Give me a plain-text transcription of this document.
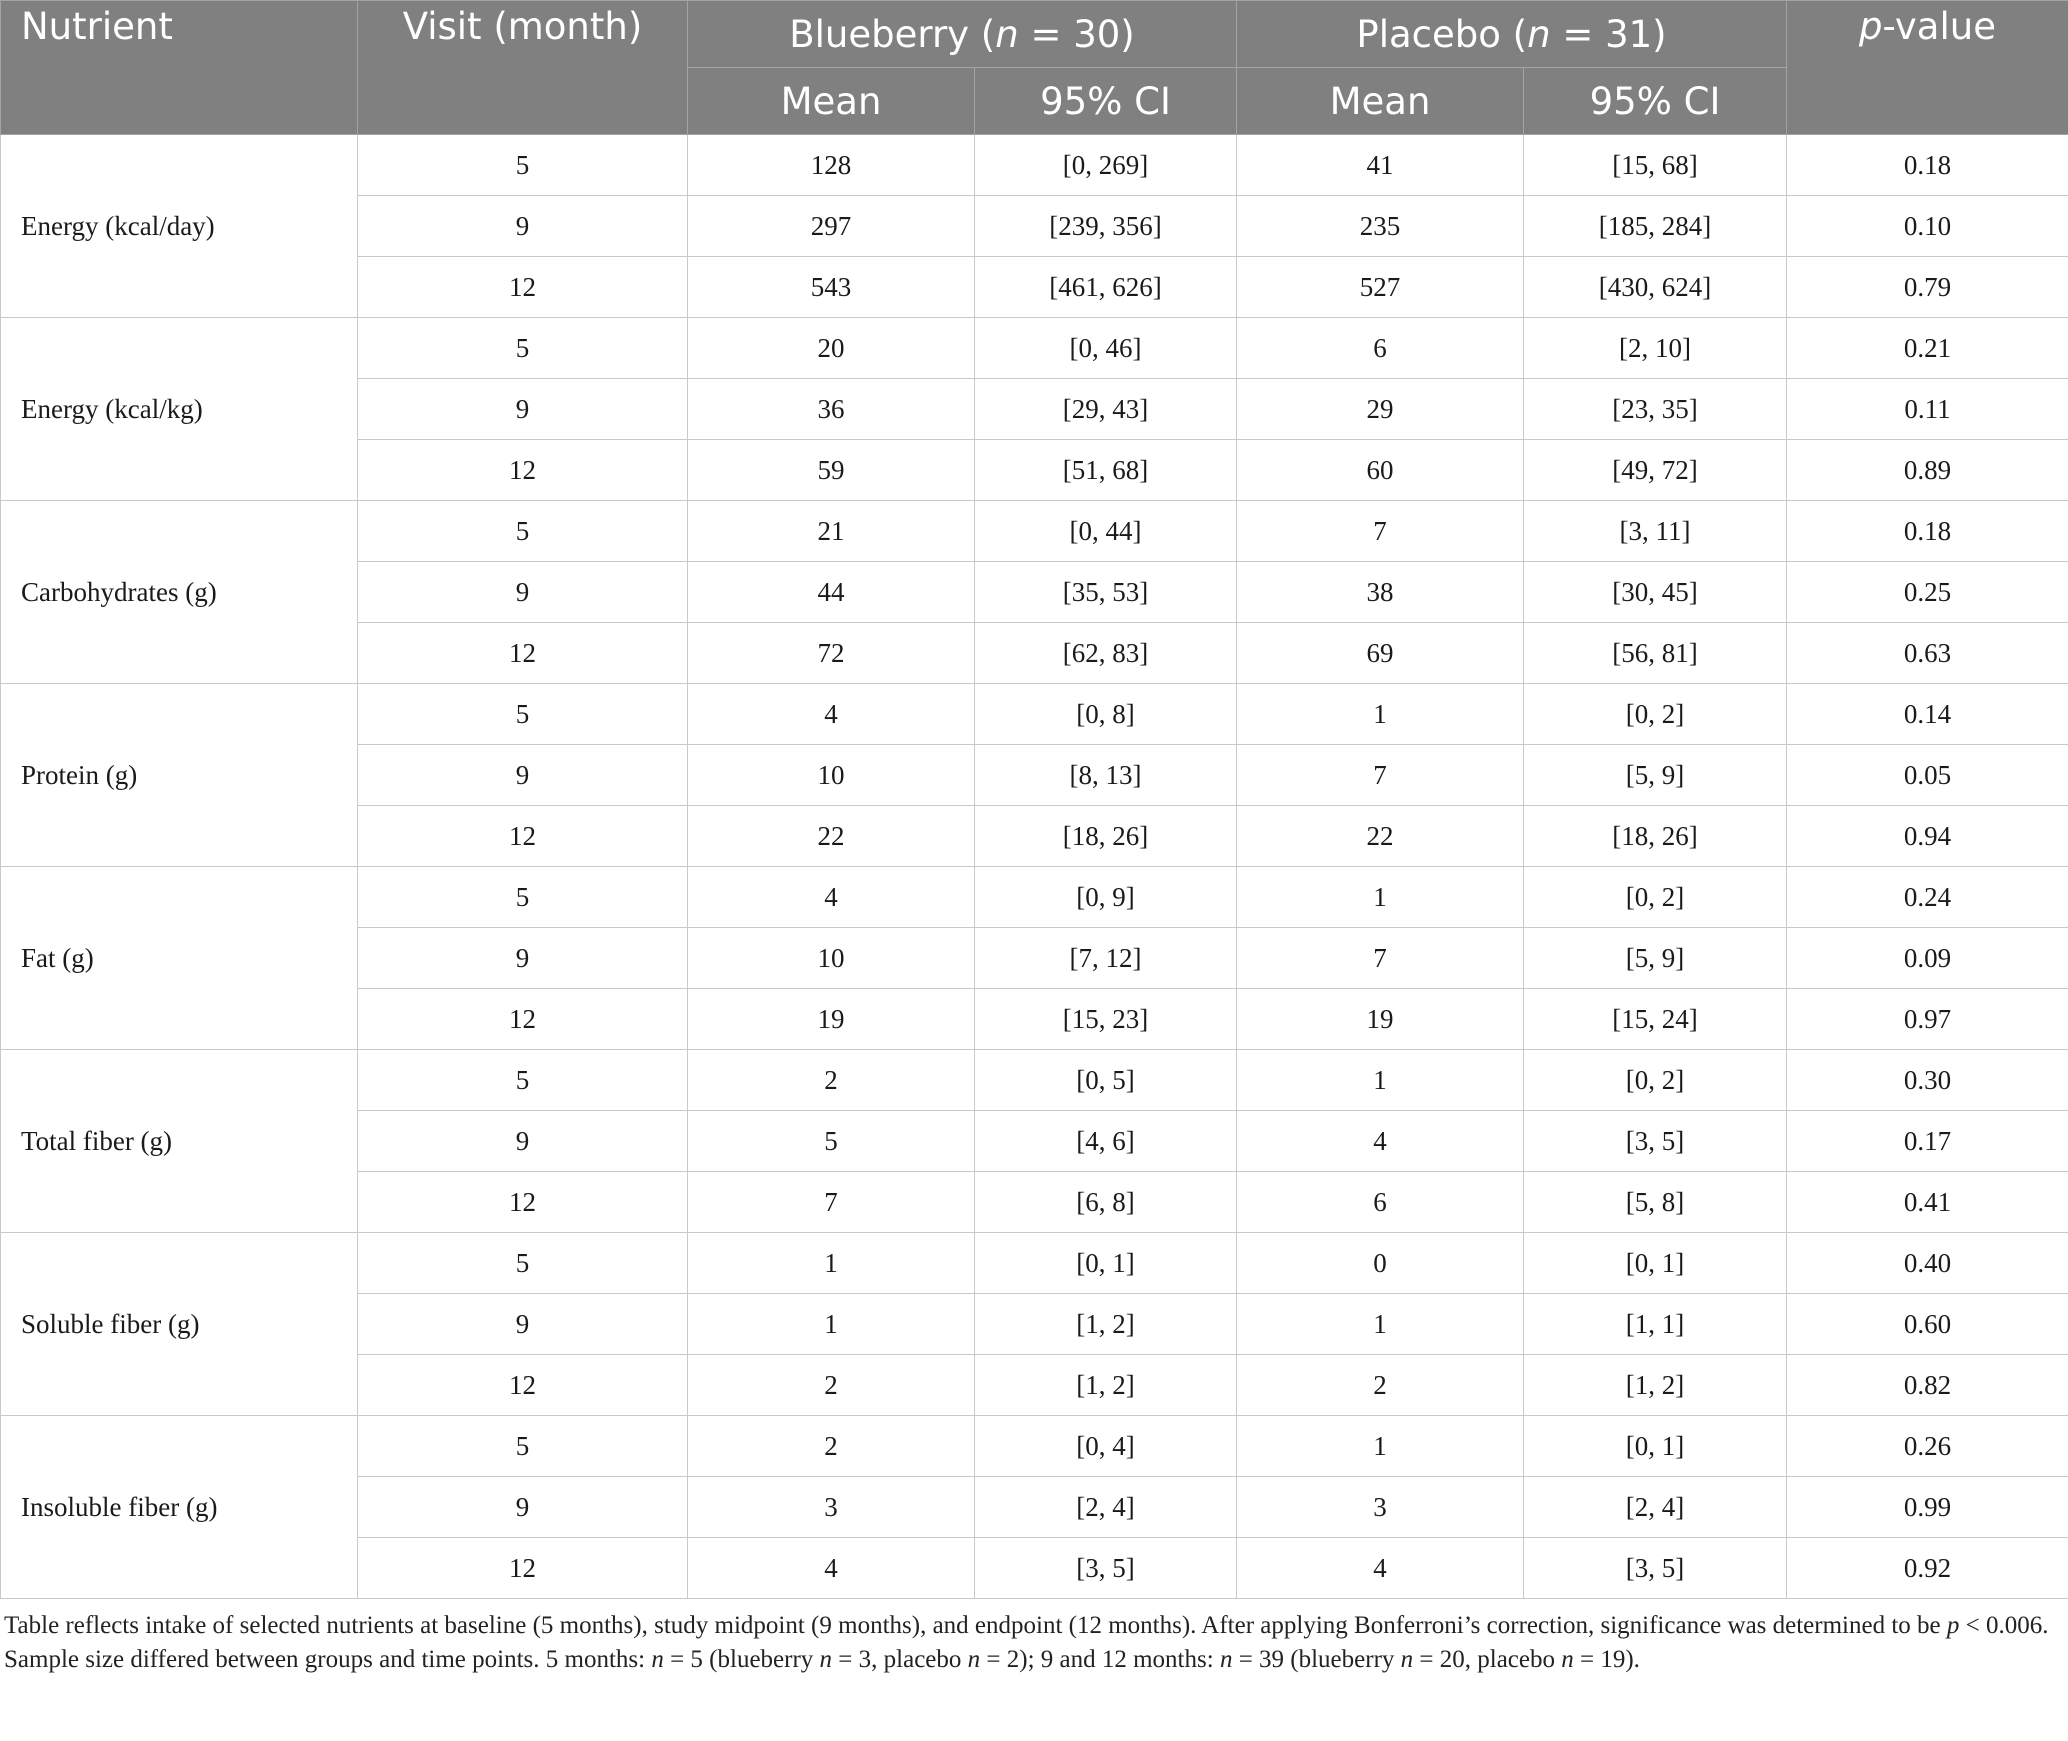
Nutrient	Visit (month)	Blueberry (n = 30)		Placebo (n = 31)		p-value
		Mean	95% CI	Mean	95% CI	
Energy (kcal/day)	5	128	[0, 269]	41	[15, 68]	0.18
	9	297	[239, 356]	235	[185, 284]	0.10
	12	543	[461, 626]	527	[430, 624]	0.79
Energy (kcal/kg)	5	20	[0, 46]	6	[2, 10]	0.21
	9	36	[29, 43]	29	[23, 35]	0.11
	12	59	[51, 68]	60	[49, 72]	0.89
Carbohydrates (g)	5	21	[0, 44]	7	[3, 11]	0.18
	9	44	[35, 53]	38	[30, 45]	0.25
	12	72	[62, 83]	69	[56, 81]	0.63
Protein (g)	5	4	[0, 8]	1	[0, 2]	0.14
	9	10	[8, 13]	7	[5, 9]	0.05
	12	22	[18, 26]	22	[18, 26]	0.94
Fat (g)	5	4	[0, 9]	1	[0, 2]	0.24
	9	10	[7, 12]	7	[5, 9]	0.09
	12	19	[15, 23]	19	[15, 24]	0.97
Total fiber (g)	5	2	[0, 5]	1	[0, 2]	0.30
	9	5	[4, 6]	4	[3, 5]	0.17
	12	7	[6, 8]	6	[5, 8]	0.41
Soluble fiber (g)	5	1	[0, 1]	0	[0, 1]	0.40
	9	1	[1, 2]	1	[1, 1]	0.60
	12	2	[1, 2]	2	[1, 2]	0.82
Insoluble fiber (g)	5	2	[0, 4]	1	[0, 1]	0.26
	9	3	[2, 4]	3	[2, 4]	0.99
	12	4	[3, 5]	4	[3, 5]	0.92

Table reflects intake of selected nutrients at baseline (5 months), study midpoint (9 months), and endpoint (12 months). After applying Bonferroni’s correction, significance was determined to be p < 0.006. Sample size differed between groups and time points. 5 months: n = 5 (blueberry n = 3, placebo n = 2); 9 and 12 months: n = 39 (blueberry n = 20, placebo n = 19).
